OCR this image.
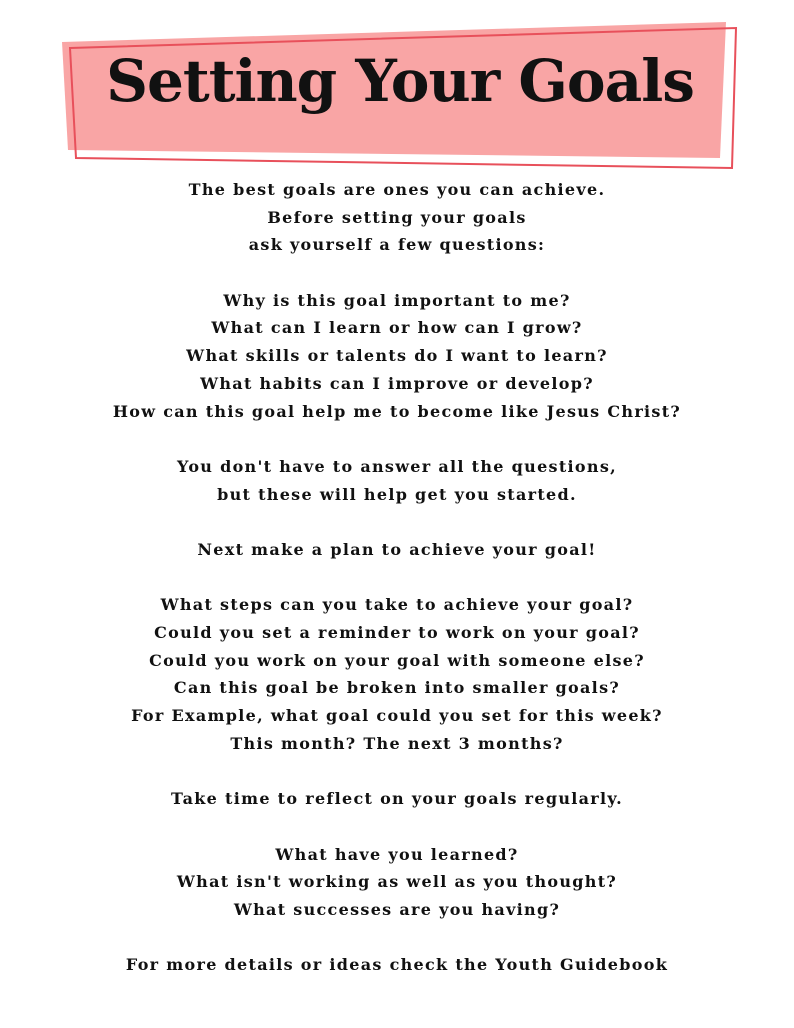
Setting Your Goals
The best goals are ones you can achieve.
Before setting your goals
ask yourself a few questions:
Why is this goal important to me?
What can I learn or how can I grow?
What skills or talents do I want to learn?
What habits can I improve or develop?
How can this goal help me to become like Jesus Christ?
You don't have to answer all the questions,
but these will help get you started.
Next make a plan to achieve your goal!
What steps can you take to achieve your goal?
Could you set a reminder to work on your goal?
Could you work on your goal with someone else?
Can this goal be broken into smaller goals?
For Example, what goal could you set for this week?
This month? The next 3 months?
Take time to reflect on your goals regularly.
What have you learned?
What isn't working as well as you thought?
What successes are you having?
For more details or ideas check the Youth Guidebook
